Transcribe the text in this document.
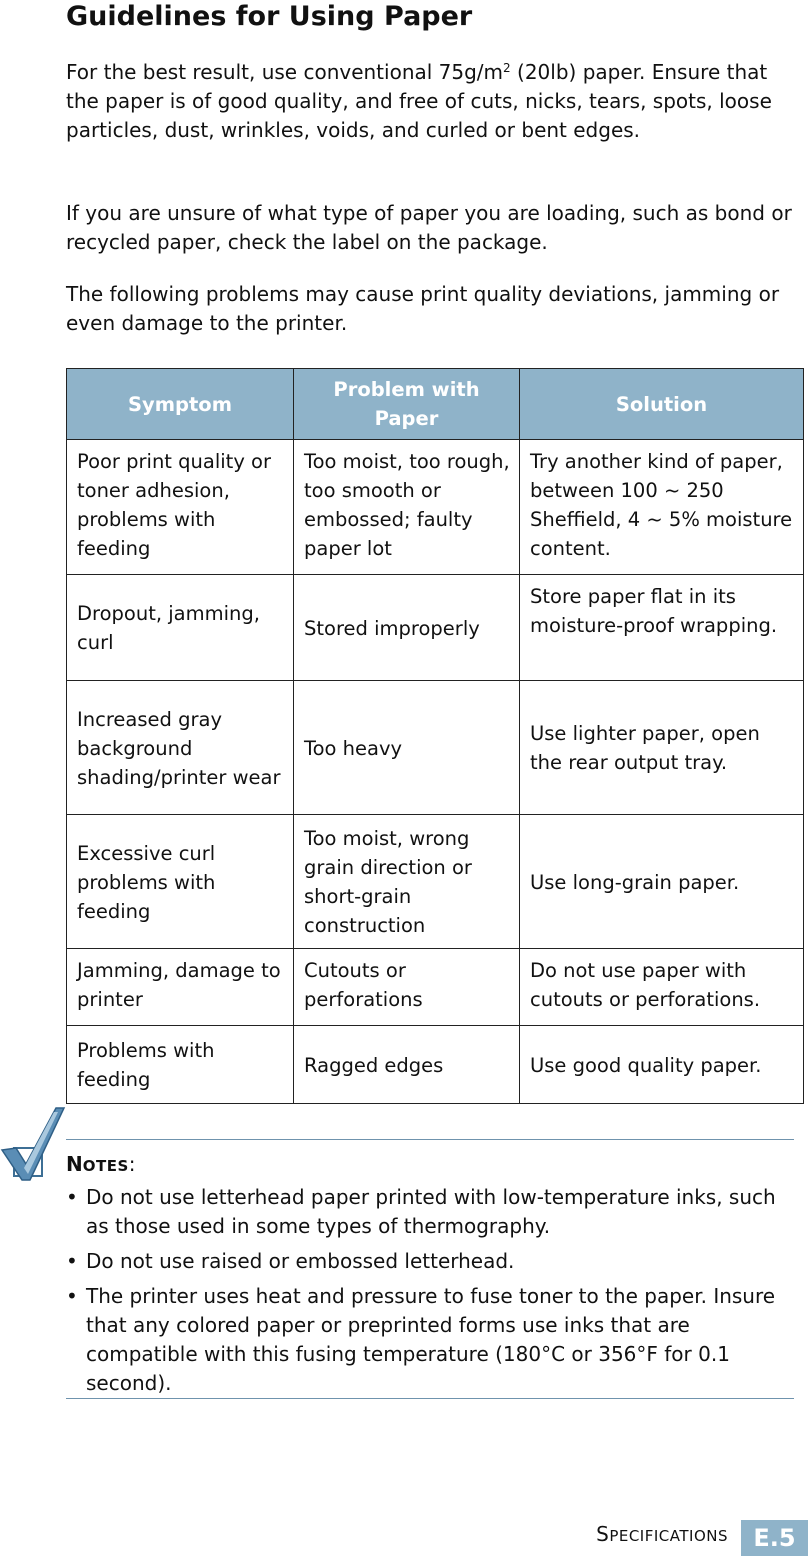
Guidelines for Using Paper

For the best result, use conventional $75g/m^2$ (20lb) paper. Ensure that the paper is of good quality, and free of cuts, nicks, tears, spots, loose particles, dust, wrinkles, voids, and curled or bent edges.

If you are unsure of what type of paper you are loading, such as bond or recycled paper, check the label on the package.

The following problems may cause print quality deviations, jamming or even damage to the printer.

Symptom	Problem with Paper	Solution
Poor print quality or toner adhesion, problems with feeding	Too moist, too rough, too smooth or embossed; faulty paper lot	Try another kind of paper, between 100 ~ 250 Sheffield, 4 ~ 5% moisture content.
Dropout, jamming, curl	Stored improperly	Store paper flat in its moisture-proof wrapping.
Increased gray background shading/printer wear	Too heavy	Use lighter paper, open the rear output tray.
Excessive curl problems with feeding	Too moist, wrong grain direction or short-grain construction	Use long-grain paper.
Jamming, damage to printer	Cutouts or perforations	Do not use paper with cutouts or perforations.
Problems with feeding	Ragged edges	Use good quality paper.

NOTES:

• Do not use letterhead paper printed with low-temperature inks, such as those used in some types of thermography.
• Do not use raised or embossed letterhead.
• The printer uses heat and pressure to fuse toner to the paper. Insure that any colored paper or preprinted forms use inks that are compatible with this fusing temperature (180°C or 356°F for 0.1 second).
SPECIFICATIONS	E.5
